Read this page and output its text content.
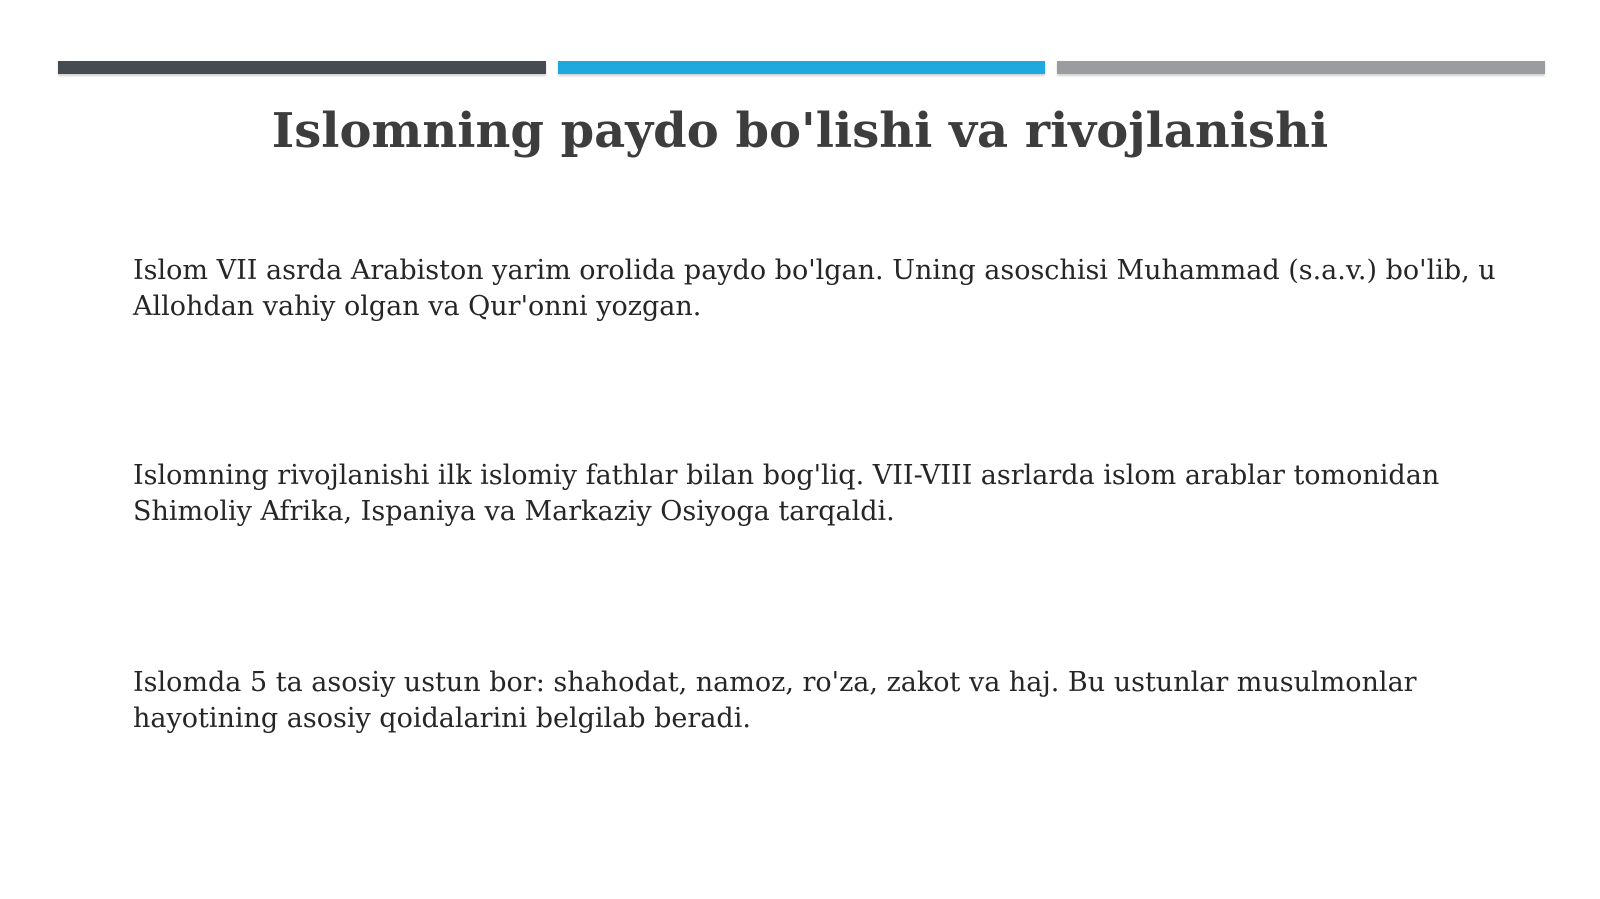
Islomning paydo bo'lishi va rivojlanishi

Islom VII asrda Arabiston yarim orolida paydo bo'lgan. Uning asoschisi Muhammad (s.a.v.) bo'lib, u Allohdan vahiy olgan va Qur'onni yozgan.

Islomning rivojlanishi ilk islomiy fathlar bilan bog'liq. VII-VIII asrlarda islom arablar tomonidan Shimoliy Afrika, Ispaniya va Markaziy Osiyoga tarqaldi.

Islomda 5 ta asosiy ustun bor: shahodat, namoz, ro'za, zakot va haj. Bu ustunlar musulmonlar hayotining asosiy qoidalarini belgilab beradi.
